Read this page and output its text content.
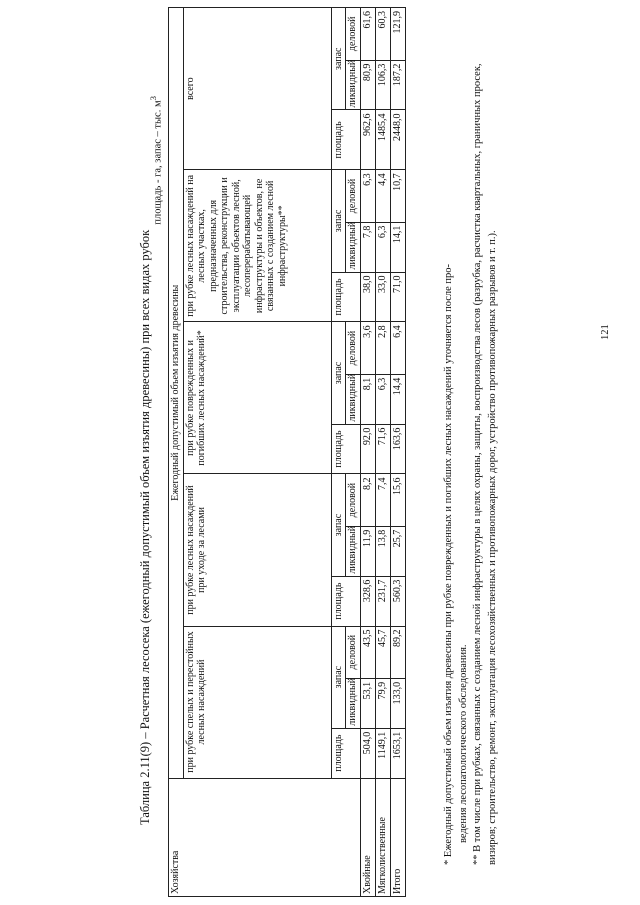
Таблица 2.11(9) – Расчетная лесосека (ежегодный допустимый объем изъятия древесины) при всех видах рубок
площадь - га, запас – тыс. $м^3$
Хозяйства	Ежегодный допустимый объем изъятия древесины														
	при рубке спелых и перестойных лесных насаждений			при рубке лесных насаждений при уходе за лесами			при рубке поврежденных и погибших лесных насаждений*			при рубке лесных насаждений на лесных участках, предназначенных для строительства, реконструкции и эксплуатации объектов лесной, лесоперерабатывающей инфраструктуры и объектов, не связанных с созданием лесной инфраструктуры**			всего		
	площадь	запас		площадь	запас		площадь	запас		площадь	запас		площадь	запас	
		ликвидный	деловой		ликвидный	деловой		ликвидный	деловой		ликвидный	деловой		ликвидный	деловой
Хвойные	504,0	53,1	43,5	328,6	11,9	8,2	92,0	8,1	3,6	38,0	7,8	6,3	962,6	80,9	61,6
Мягколиственные	1149,1	79,9	45,7	231,7	13,8	7,4	71,6	6,3	2,8	33,0	6,3	4,4	1485,4	106,3	60,3
Итого	1653,1	133,0	89,2	560,3	25,7	15,6	163,6	14,4	6,4	71,0	14,1	10,7	2448,0	187,2	121,9

* Ежегодный допустимый объем изъятия древесины при рубке поврежденных и погибших лесных насаждений уточняется после про- ведения лесопатологического обследования. ** В том числе при рубках, связанных с созданием лесной инфраструктуры в целях охраны, защиты, воспроизводства лесов (разрубка, расчистка квартальных, граничных просек, визиров; строительство, ремонт, эксплуатация лесохозяйственных и противопожарных дорог, устройство противопожарных разрывов и т. п.).	121
